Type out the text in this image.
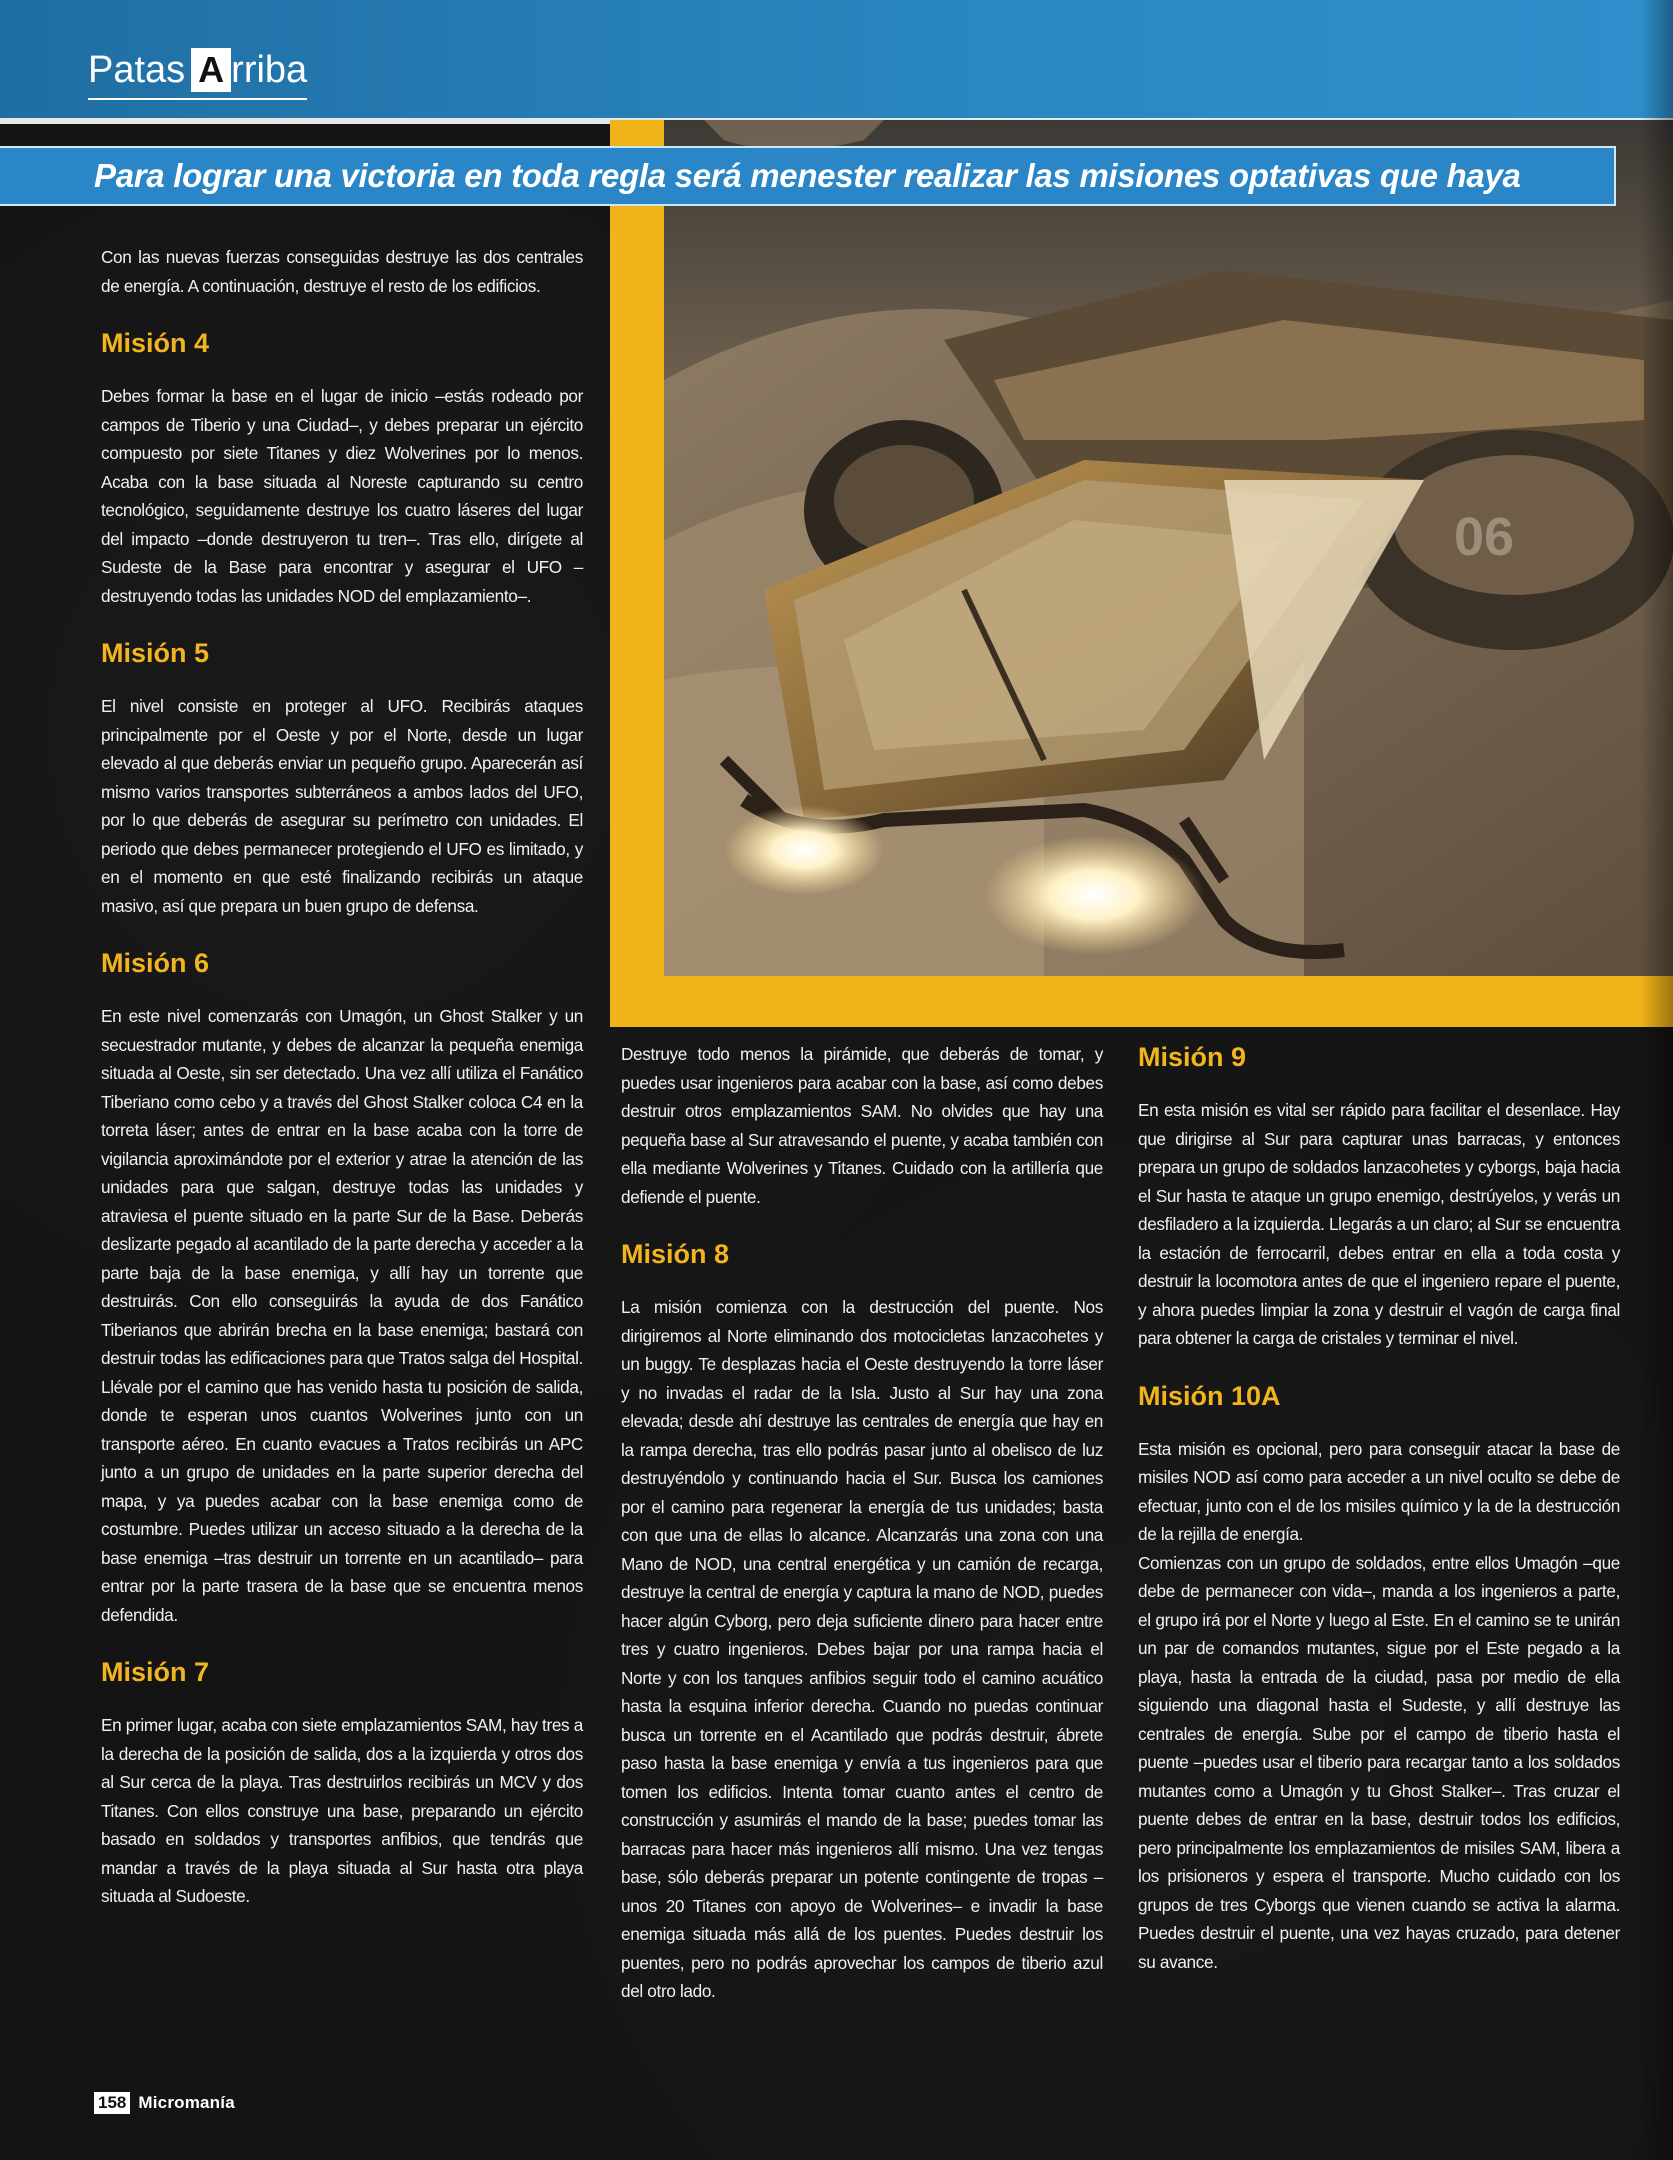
Patas A rriba
06
Para lograr una victoria en toda regla será menester realizar las misiones optativas que haya

Con las nuevas fuerzas conseguidas destruye las dos centrales de energía. A continuación, destruye el resto de los edificios.

Misión 4

Debes formar la base en el lugar de inicio –estás rodeado por campos de Tiberio y una Ciudad–, y debes preparar un ejército compuesto por siete Titanes y diez Wolverines por lo menos. Acaba con la base situada al Noreste capturando su centro tecnológico, seguidamente destruye los cuatro láseres del lugar del impacto –donde destruyeron tu tren–. Tras ello, dirígete al Sudeste de la Base para encontrar y asegurar el UFO –destruyendo todas las unidades NOD del emplazamiento–.

Misión 5

El nivel consiste en proteger al UFO. Recibirás ataques principalmente por el Oeste y por el Norte, desde un lugar elevado al que deberás enviar un pequeño grupo. Aparecerán así mismo varios transportes subterráneos a ambos lados del UFO, por lo que deberás de asegurar su perímetro con unidades. El periodo que debes permanecer protegiendo el UFO es limitado, y en el momento en que esté finalizando recibirás un ataque masivo, así que prepara un buen grupo de defensa.

Misión 6

En este nivel comenzarás con Umagón, un Ghost Stalker y un secuestrador mutante, y debes de alcanzar la pequeña enemiga situada al Oeste, sin ser detectado. Una vez allí utiliza el Fanático Tiberiano como cebo y a través del Ghost Stalker coloca C4 en la torreta láser; antes de entrar en la base acaba con la torre de vigilancia aproximándote por el exterior y atrae la atención de las unidades para que salgan, destruye todas las unidades y atraviesa el puente situado en la parte Sur de la Base. Deberás deslizarte pegado al acantilado de la parte derecha y acceder a la parte baja de la base enemiga, y allí hay un torrente que destruirás. Con ello conseguirás la ayuda de dos Fanático Tiberianos que abrirán brecha en la base enemiga; bastará con destruir todas las edificaciones para que Tratos salga del Hospital. Llévale por el camino que has venido hasta tu posición de salida, donde te esperan unos cuantos Wolverines junto con un transporte aéreo. En cuanto evacues a Tratos recibirás un APC junto a un grupo de unidades en la parte superior derecha del mapa, y ya puedes acabar con la base enemiga como de costumbre. Puedes utilizar un acceso situado a la derecha de la base enemiga –tras destruir un torrente en un acantilado– para entrar por la parte trasera de la base que se encuentra menos defendida.

Misión 7

En primer lugar, acaba con siete emplazamientos SAM, hay tres a la derecha de la posición de salida, dos a la izquierda y otros dos al Sur cerca de la playa. Tras destruirlos recibirás un MCV y dos Titanes. Con ellos construye una base, preparando un ejército basado en soldados y transportes anfibios, que tendrás que mandar a través de la playa situada al Sur hasta otra playa situada al Sudoeste.

Destruye todo menos la pirámide, que deberás de tomar, y puedes usar ingenieros para acabar con la base, así como debes destruir otros emplazamientos SAM. No olvides que hay una pequeña base al Sur atravesando el puente, y acaba también con ella mediante Wolverines y Titanes. Cuidado con la artillería que defiende el puente.

Misión 8

La misión comienza con la destrucción del puente. Nos dirigiremos al Norte eliminando dos motocicletas lanzacohetes y un buggy. Te desplazas hacia el Oeste destruyendo la torre láser y no invadas el radar de la Isla. Justo al Sur hay una zona elevada; desde ahí destruye las centrales de energía que hay en la rampa derecha, tras ello podrás pasar junto al obelisco de luz destruyéndolo y continuando hacia el Sur. Busca los camiones por el camino para regenerar la energía de tus unidades; basta con que una de ellas lo alcance. Alcanzarás una zona con una Mano de NOD, una central energética y un camión de recarga, destruye la central de energía y captura la mano de NOD, puedes hacer algún Cyborg, pero deja suficiente dinero para hacer entre tres y cuatro ingenieros. Debes bajar por una rampa hacia el Norte y con los tanques anfibios seguir todo el camino acuático hasta la esquina inferior derecha. Cuando no puedas continuar busca un torrente en el Acantilado que podrás destruir, ábrete paso hasta la base enemiga y envía a tus ingenieros para que tomen los edificios. Intenta tomar cuanto antes el centro de construcción y asumirás el mando de la base; puedes tomar las barracas para hacer más ingenieros allí mismo. Una vez tengas base, sólo deberás preparar un potente contingente de tropas –unos 20 Titanes con apoyo de Wolverines– e invadir la base enemiga situada más allá de los puentes. Puedes destruir los puentes, pero no podrás aprovechar los campos de tiberio azul del otro lado.

Misión 9

En esta misión es vital ser rápido para facilitar el desenlace. Hay que dirigirse al Sur para capturar unas barracas, y entonces prepara un grupo de soldados lanzacohetes y cyborgs, baja hacia el Sur hasta te ataque un grupo enemigo, destrúyelos, y verás un desfiladero a la izquierda. Llegarás a un claro; al Sur se encuentra la estación de ferrocarril, debes entrar en ella a toda costa y destruir la locomotora antes de que el ingeniero repare el puente, y ahora puedes limpiar la zona y destruir el vagón de carga final para obtener la carga de cristales y terminar el nivel.

Misión 10A

Esta misión es opcional, pero para conseguir atacar la base de misiles NOD así como para acceder a un nivel oculto se debe de efectuar, junto con el de los misiles químico y la de la destrucción de la rejilla de energía.

Comienzas con un grupo de soldados, entre ellos Umagón –que debe de permanecer con vida–, manda a los ingenieros a parte, el grupo irá por el Norte y luego al Este. En el camino se te unirán un par de comandos mutantes, sigue por el Este pegado a la playa, hasta la entrada de la ciudad, pasa por medio de ella siguiendo una diagonal hasta el Sudeste, y allí destruye las centrales de energía. Sube por el campo de tiberio hasta el puente –puedes usar el tiberio para recargar tanto a los soldados mutantes como a Umagón y tu Ghost Stalker–. Tras cruzar el puente debes de entrar en la base, destruir todos los edificios, pero principalmente los emplazamientos de misiles SAM, libera a los prisioneros y espera el transporte. Mucho cuidado con los grupos de tres Cyborgs que vienen cuando se activa la alarma. Puedes destruir el puente, una vez hayas cruzado, para detener su avance.

158 Micromanía
